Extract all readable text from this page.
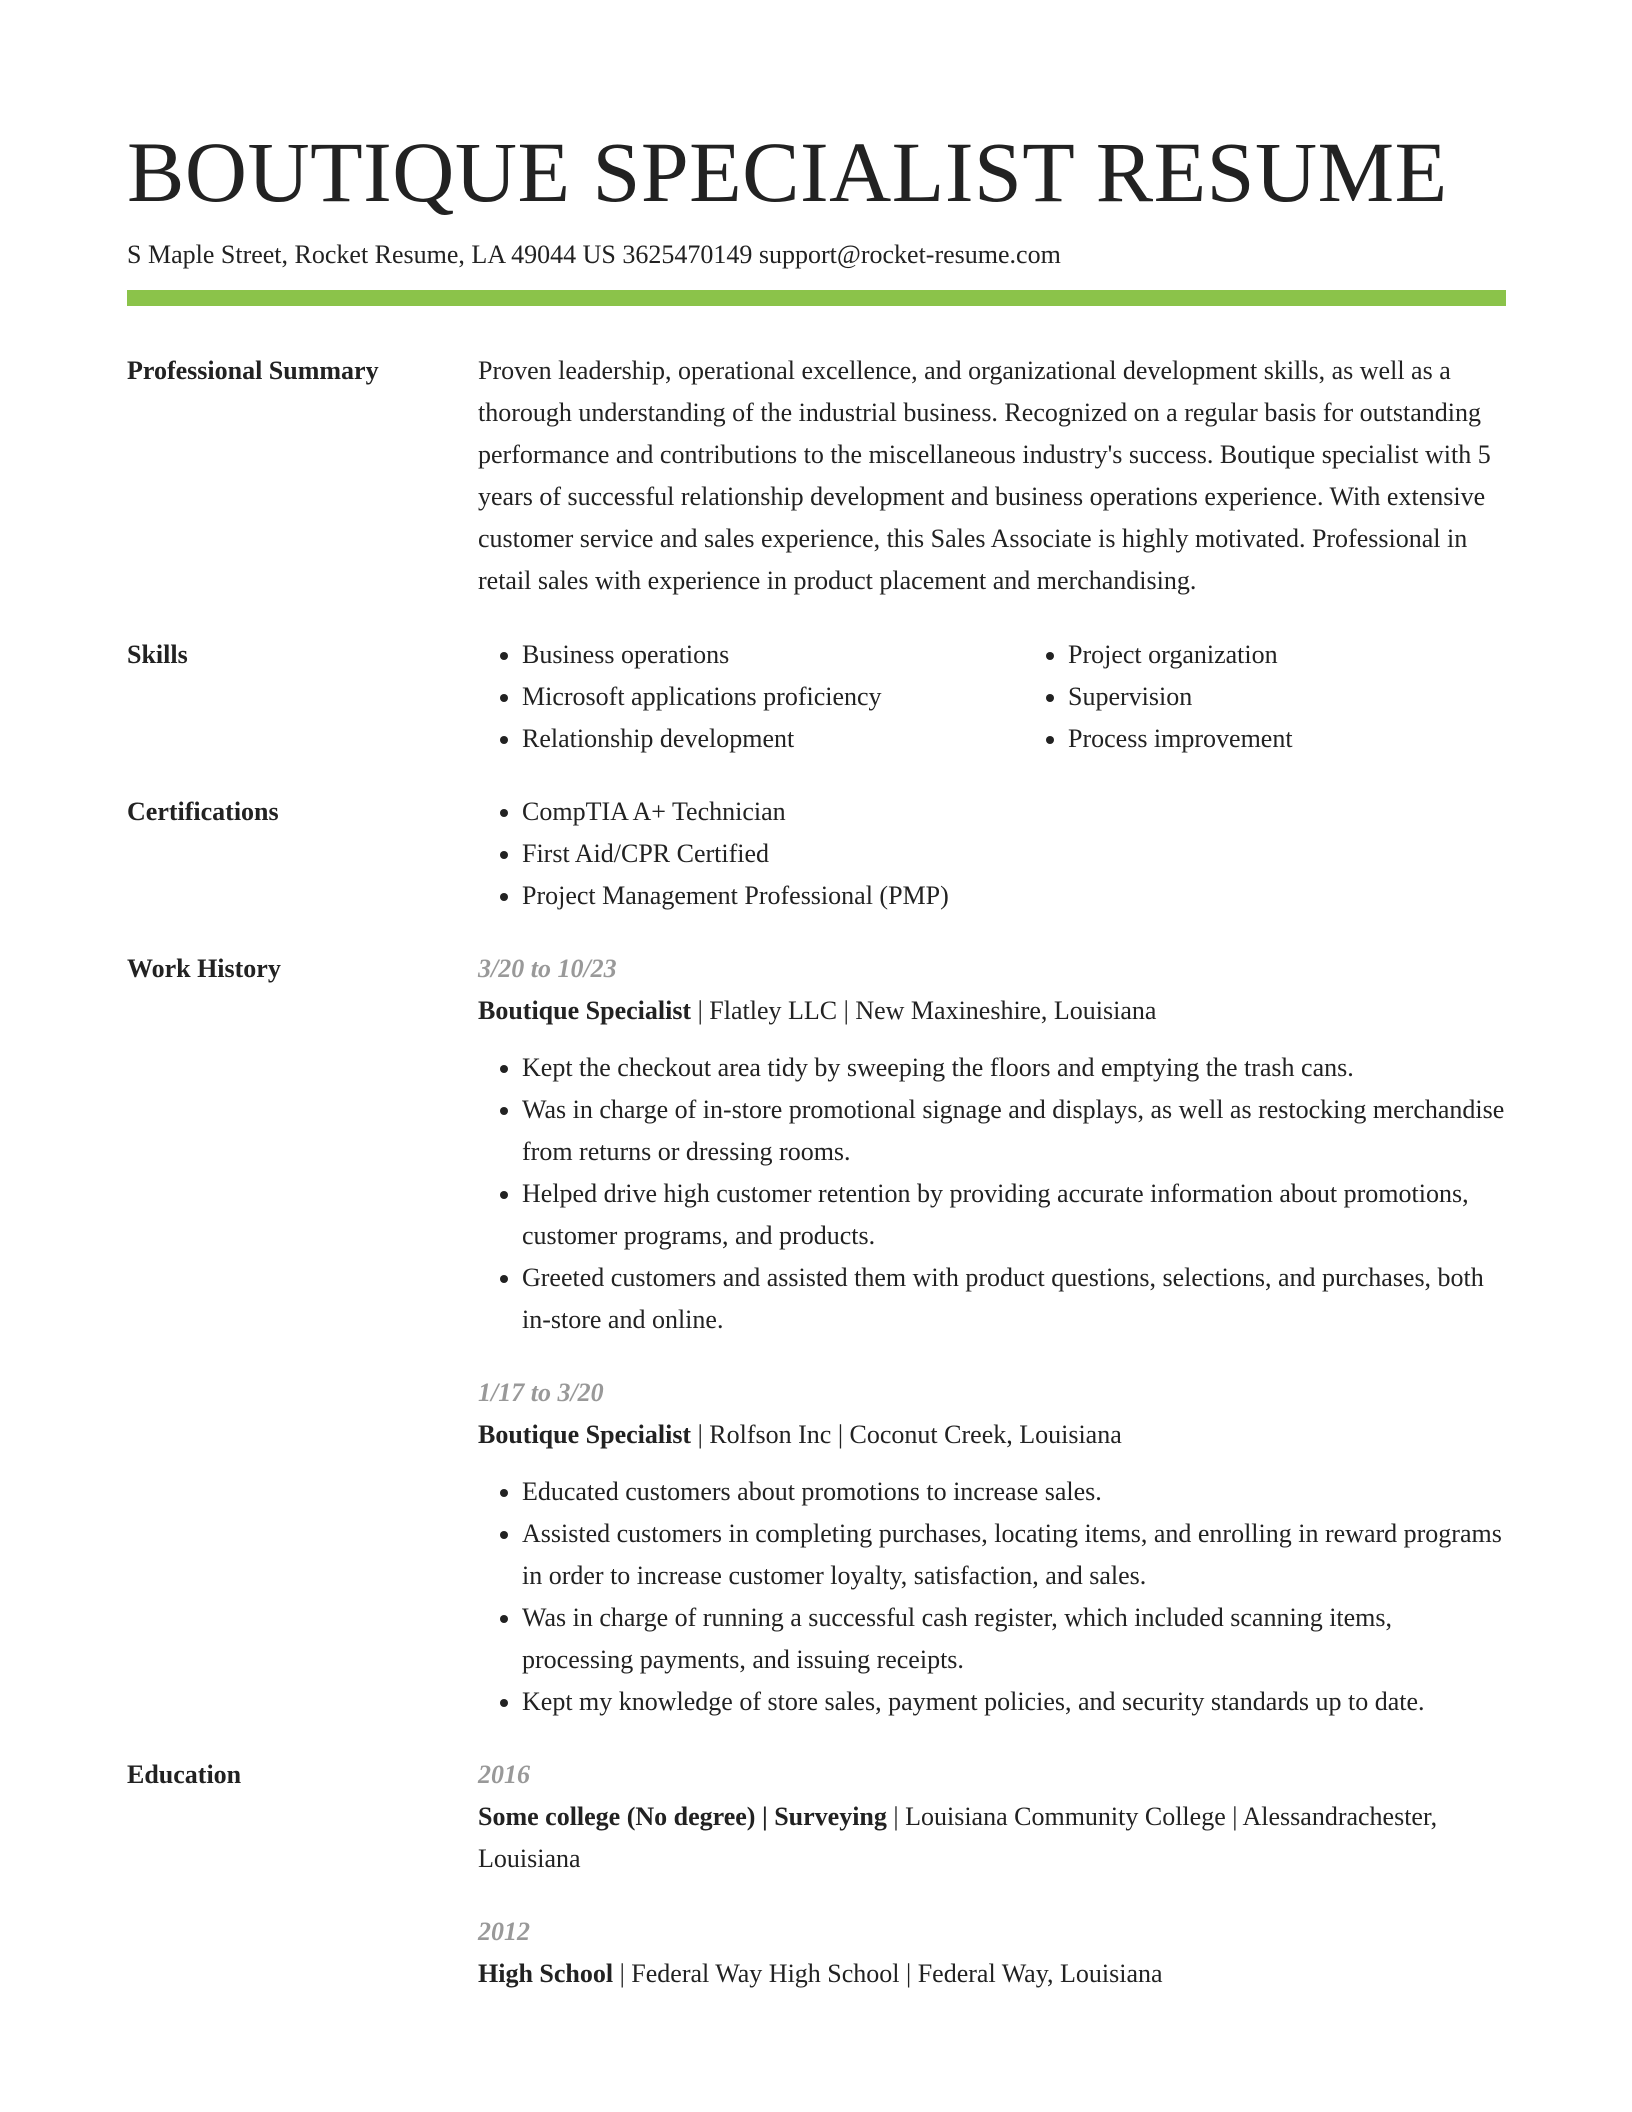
BOUTIQUE SPECIALIST RESUME
S Maple Street, Rocket Resume, LA 49044 US 3625470149 support@rocket-resume.com
Professional Summary	Proven leadership, operational excellence, and organizational development skills, as well as a thorough understanding of the industrial business. Recognized on a regular basis for outstanding performance and contributions to the miscellaneous industry's success. Boutique specialist with 5 years of successful relationship development and business operations experience. With extensive customer service and sales experience, this Sales Associate is highly motivated. Professional in retail sales with experience in product placement and merchandising.

Skills	• Business operations
• Microsoft applications proficiency
• Relationship development
• Project organization
• Supervision
• Process improvement
Certifications	• CompTIA A+ Technician
• First Aid/CPR Certified
• Project Management Professional (PMP)
Work History	3/20 to 10/23
Boutique Specialist | Flatley LLC | New Maxineshire, Louisiana
• Kept the checkout area tidy by sweeping the floors and emptying the trash cans.
• Was in charge of in-store promotional signage and displays, as well as restocking merchandise from returns or dressing rooms.
• Helped drive high customer retention by providing accurate information about promotions, customer programs, and products.
• Greeted customers and assisted them with product questions, selections, and purchases, both in-store and online.
1/17 to 3/20
Boutique Specialist | Rolfson Inc | Coconut Creek, Louisiana
• Educated customers about promotions to increase sales.
• Assisted customers in completing purchases, locating items, and enrolling in reward programs in order to increase customer loyalty, satisfaction, and sales.
• Was in charge of running a successful cash register, which included scanning items, processing payments, and issuing receipts.
• Kept my knowledge of store sales, payment policies, and security standards up to date.
Education	2016
Some college (No degree) | Surveying | Louisiana Community College | Alessandrachester, Louisiana
2012
High School | Federal Way High School | Federal Way, Louisiana
